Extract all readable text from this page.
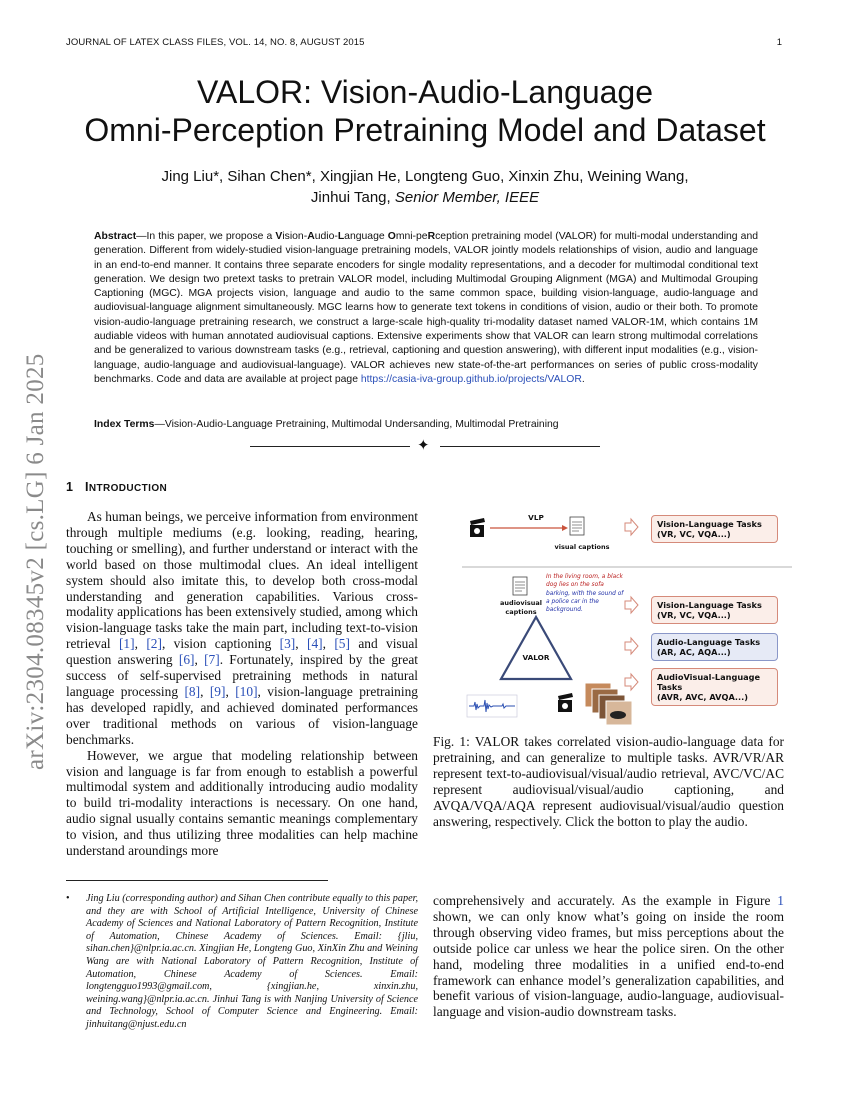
JOURNAL OF LATEX CLASS FILES, VOL. 14, NO. 8, AUGUST 2015	1
arXiv:2304.08345v2 [cs.LG] 6 Jan 2025
VALOR: Vision-Audio-Language
Omni-Perception Pretraining Model and Dataset
Jing Liu*, Sihan Chen*, Xingjian He, Longteng Guo, Xinxin Zhu, Weining Wang,
Jinhui Tang, Senior Member, IEEE
Abstract—In this paper, we propose a Vision-Audio-Language Omni-peRception pretraining model (VALOR) for multi-modal understanding and generation. Different from widely-studied vision-language pretraining models, VALOR jointly models relationships of vision, audio and language in an end-to-end manner. It contains three separate encoders for single modality representations, and a decoder for multimodal conditional text generation. We design two pretext tasks to pretrain VALOR model, including Multimodal Grouping Alignment (MGA) and Multimodal Grouping Captioning (MGC). MGA projects vision, language and audio to the same common space, building vision-language, audio-language and audiovisual-language alignment simultaneously. MGC learns how to generate text tokens in conditions of vision, audio or their both. To promote vision-audio-language pretraining research, we construct a large-scale high-quality tri-modality dataset named VALOR-1M, which contains 1M audiable videos with human annotated audiovisual captions. Extensive experiments show that VALOR can learn strong multimodal correlations and be generalized to various downstream tasks (e.g., retrieval, captioning and question answering), with different input modalities (e.g., vision-language, audio-language and audiovisual-language). VALOR achieves new state-of-the-art performances on series of public cross-modality benchmarks. Code and data are available at project page https://casia-iva-group.github.io/projects/VALOR.
Index Terms—Vision-Audio-Language Pretraining, Multimodal Undersanding, Multimodal Pretraining
✦
1 INTRODUCTION

As human beings, we perceive information from environment through multiple mediums (e.g. looking, reading, hearing, touching or smelling), and further understand or interact with the world based on those multimodal clues. An ideal intelligent system should also imitate this, to develop both cross-modal understanding and generation capabilities. Various cross-modality applications has been extensively studied, among which vision-language tasks take the main part, including text-to-vision retrieval [1], [2], vision captioning [3], [4], [5] and visual question answering [6], [7]. Fortunately, inspired by the great success of self-supervised pretraining methods in natural language processing [8], [9], [10], vision-language pretraining has developed rapidly, and achieved dominated performances over traditional methods on various of vision-language benchmarks.

However, we argue that modeling relationship between vision and language is far from enough to establish a powerful multimodal system and additionally introducing audio modality to build tri-modality interactions is necessary. On one hand, audio signal usually contains semantic meanings complementary to vision, and thus utilizing three modalities can help machine understand aroundings more

• Jing Liu (corresponding author) and Sihan Chen contribute equally to this paper, and they are with School of Artificial Intelligence, University of Chinese Academy of Sciences and National Laboratory of Pattern Recognition, Institute of Automation, Chinese Academy of Sciences. Email: {jliu, sihan.chen}@nlpr.ia.ac.cn. Xingjian He, Longteng Guo, XinXin Zhu and Weining Wang are with National Laboratory of Pattern Recognition, Institute of Automation, Chinese Academy of Sciences. Email: longtengguo1993@gmail.com, {xingjian.he, xinxin.zhu, weining.wang}@nlpr.ia.ac.cn. Jinhui Tang is with Nanjing University of Science and Technology, School of Computer Science and Engineering. Email: jinhuitang@njust.edu.cn
VLP
visual captions
audiovisual captions
VALOR
In the living room, a black dog lies on the sofa barking, with the sound of a police car in the background.
Vision-Language Tasks
(VR, VC, VQA...)
Vision-Language Tasks
(VR, VC, VQA...)
Audio-Language Tasks
(AR, AC, AQA...)
AudioVisual-Language Tasks
(AVR, AVC, AVQA...)
Fig. 1: VALOR takes correlated vision-audio-language data for pretraining, and can generalize to multiple tasks. AVR/VR/AR represent text-to-audiovisual/visual/audio retrieval, AVC/VC/AC represent audiovisual/visual/audio captioning, and AVQA/VQA/AQA represent audiovisual/visual/audio question answering, respectively. Click the botton to play the audio.
comprehensively and accurately. As the example in Figure 1 shown, we can only know what’s going on inside the room through observing video frames, but miss perceptions about the outside police car unless we hear the police siren. On the other hand, modeling three modalities in a unified end-to-end framework can enhance model’s generalization capabilities, and benefit various of vision-language, audio-language, audiovisual-language and vision-audio downstream tasks.
